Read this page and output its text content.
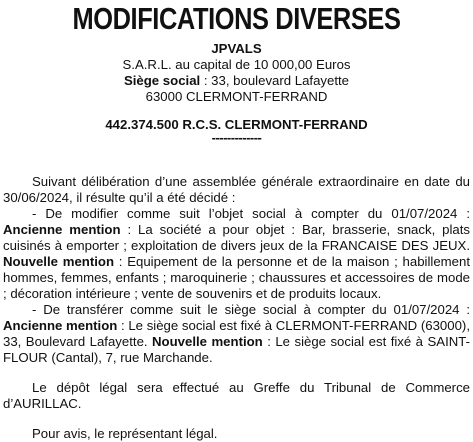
MODIFICATIONS DIVERSES
JPVALS
S.A.R.L. au capital de 10 000,00 Euros
Siège social : 33, boulevard Lafayette
63000 CLERMONT-FERRAND
442.374.500 R.C.S. CLERMONT-FERRAND
-------------

Suivant délibération d’une assemblée générale extraordinaire en date du 30/06/2024, il résulte qu’il a été décidé :

- De modifier comme suit l’objet social à compter du 01/07/2024 : Ancienne mention : La société a pour objet : Bar, brasserie, snack, plats cuisinés à emporter ; exploitation de divers jeux de la FRANCAISE DES JEUX. Nouvelle mention : Equipement de la personne et de la maison ; habillement hommes, femmes, enfants ; maroquinerie ; chaussures et accessoires de mode ; décoration intérieure ; vente de souvenirs et de produits locaux.

- De transférer comme suit le siège social à compter du 01/07/2024 : Ancienne mention : Le siège social est fixé à CLERMONT-FERRAND (63000), 33, Boulevard Lafayette. Nouvelle mention : Le siège social est fixé à SAINT-FLOUR (Cantal), 7, rue Marchande.

Le dépôt légal sera effectué au Greffe du Tribunal de Commerce d’AURILLAC.

Pour avis, le représentant légal.
